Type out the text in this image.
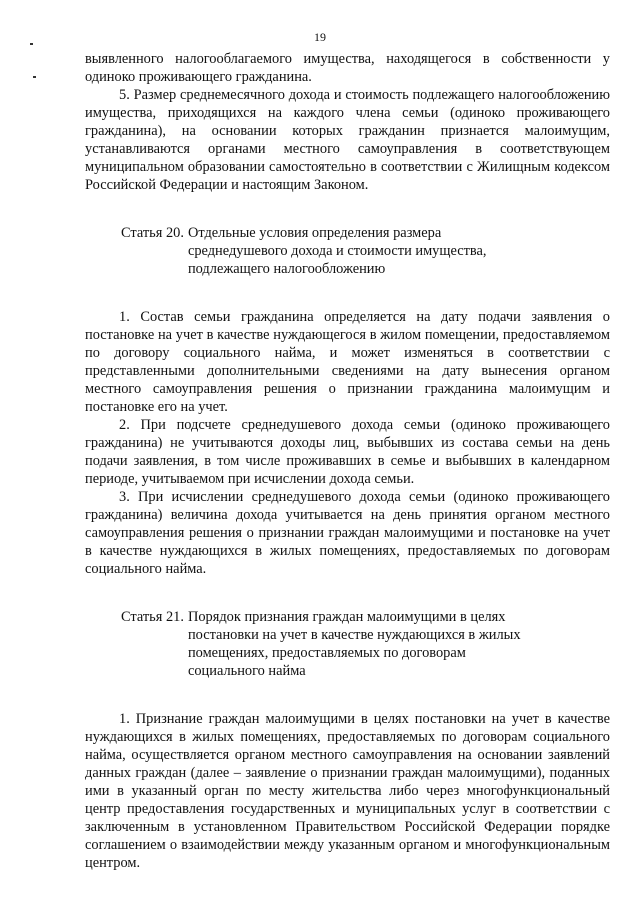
19

выявленного налогооблагаемого имущества, находящегося в собственности у одиноко проживающего гражданина.

5. Размер среднемесячного дохода и стоимость подлежащего налогообложению имущества, приходящихся на каждого члена семьи (одиноко проживающего гражданина), на основании которых гражданин признается малоимущим, устанавливаются органами местного самоуправления в соответствующем муниципальном образовании самостоятельно в соответствии с Жилищным кодексом Российской Федерации и настоящим Законом.

Статья 20. Отдельные условия определения размера среднедушевого дохода и стоимости имущества, подлежащего налогообложению

1. Состав семьи гражданина определяется на дату подачи заявления о постановке на учет в качестве нуждающегося в жилом помещении, предоставляемом по договору социального найма, и может изменяться в соответствии с представленными дополнительными сведениями на дату вынесения органом местного самоуправления решения о признании гражданина малоимущим и постановке его на учет.

2. При подсчете среднедушевого дохода семьи (одиноко проживающего гражданина) не учитываются доходы лиц, выбывших из состава семьи на день подачи заявления, в том числе проживавших в семье и выбывших в календарном периоде, учитываемом при исчислении дохода семьи.

3. При исчислении среднедушевого дохода семьи (одиноко проживающего гражданина) величина дохода учитывается на день принятия органом местного самоуправления решения о признании граждан малоимущими и постановке на учет в качестве нуждающихся в жилых помещениях, предоставляемых по договорам социального найма.

Статья 21. Порядок признания граждан малоимущими в целях постановки на учет в качестве нуждающихся в жилых помещениях, предоставляемых по договорам социального найма

1. Признание граждан малоимущими в целях постановки на учет в качестве нуждающихся в жилых помещениях, предоставляемых по договорам социального найма, осуществляется органом местного самоуправления на основании заявлений данных граждан (далее – заявление о признании граждан малоимущими), поданных ими в указанный орган по месту жительства либо через многофункциональный центр предоставления государственных и муниципальных услуг в соответствии с заключенным в установленном Правительством Российской Федерации порядке соглашением о взаимодействии между указанным органом и многофункциональным центром.
